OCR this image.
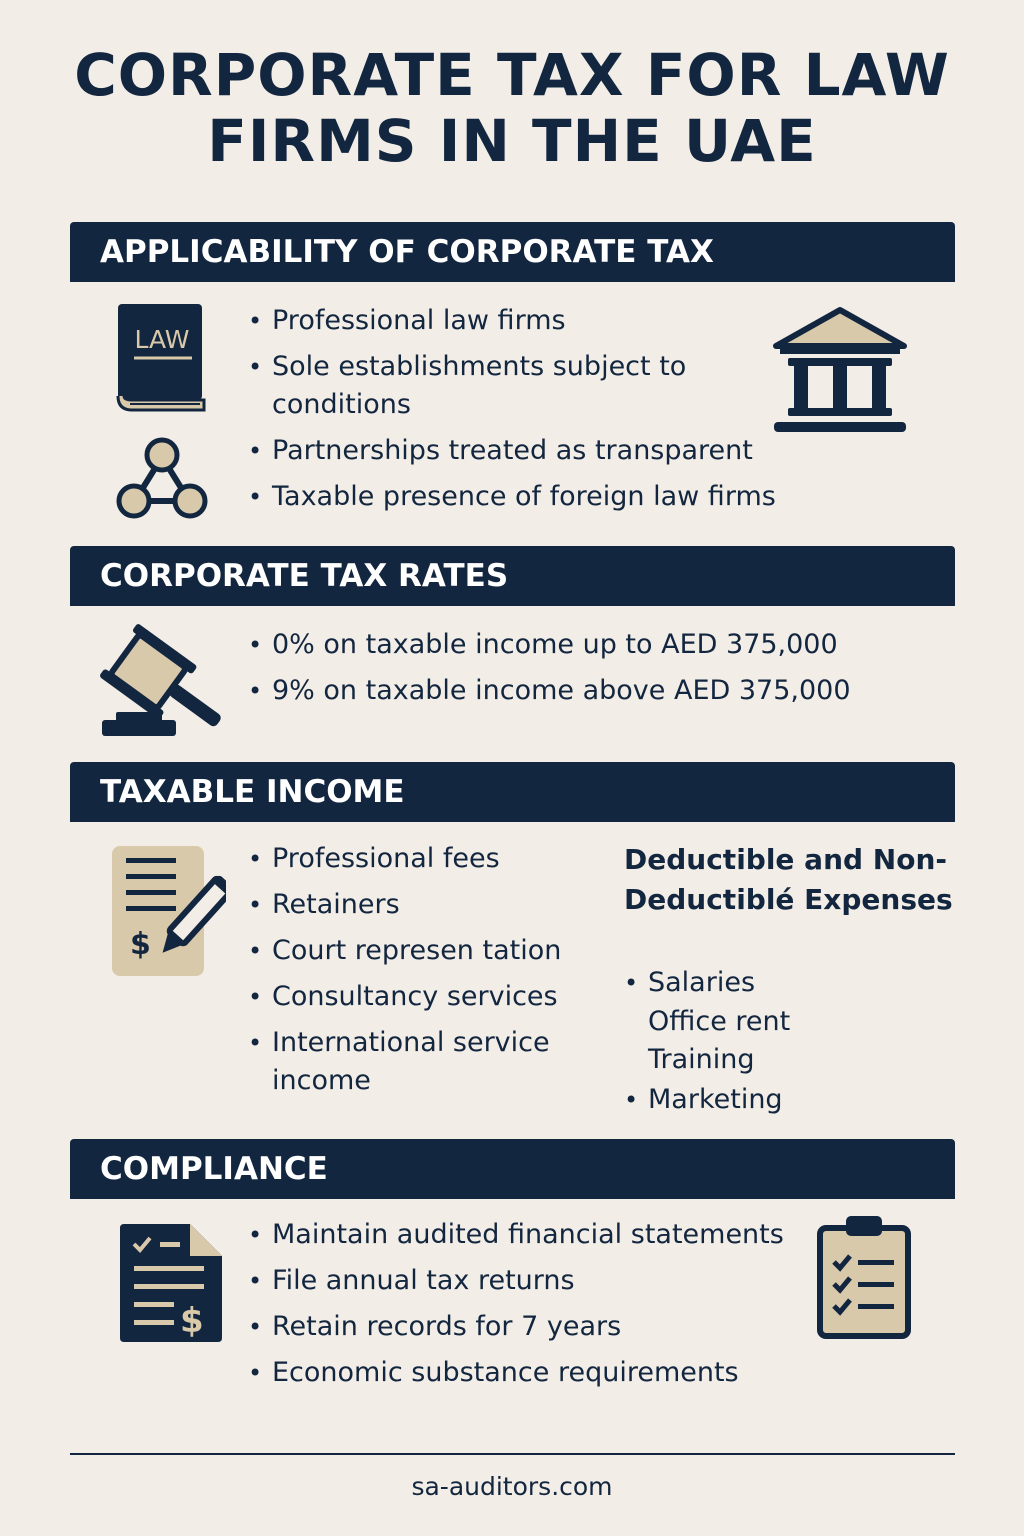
CORPORATE TAX FOR LAW
FIRMS IN THE UAE
APPLICABILITY OF CORPORATE TAX
LAW
• Professional law firms
• Sole establishments subject to conditions
• Partnerships treated as transparent
• Taxable presence of foreign law firms
CORPORATE TAX RATES
• 0% on taxable income up to AED 375,000
• 9% on taxable income above AED 375,000
TAXABLE INCOME
$
• Professional fees
• Retainers
• Court represen tation
• Consultancy services
• International service income
Deductible and Non-Deductiblé Expenses
• Salaries
Office rent
Training
• Marketing
COMPLIANCE
$
• Maintain audited financial statements
• File annual tax returns
• Retain records for 7 years
• Economic substance requirements
sa-auditors.com
